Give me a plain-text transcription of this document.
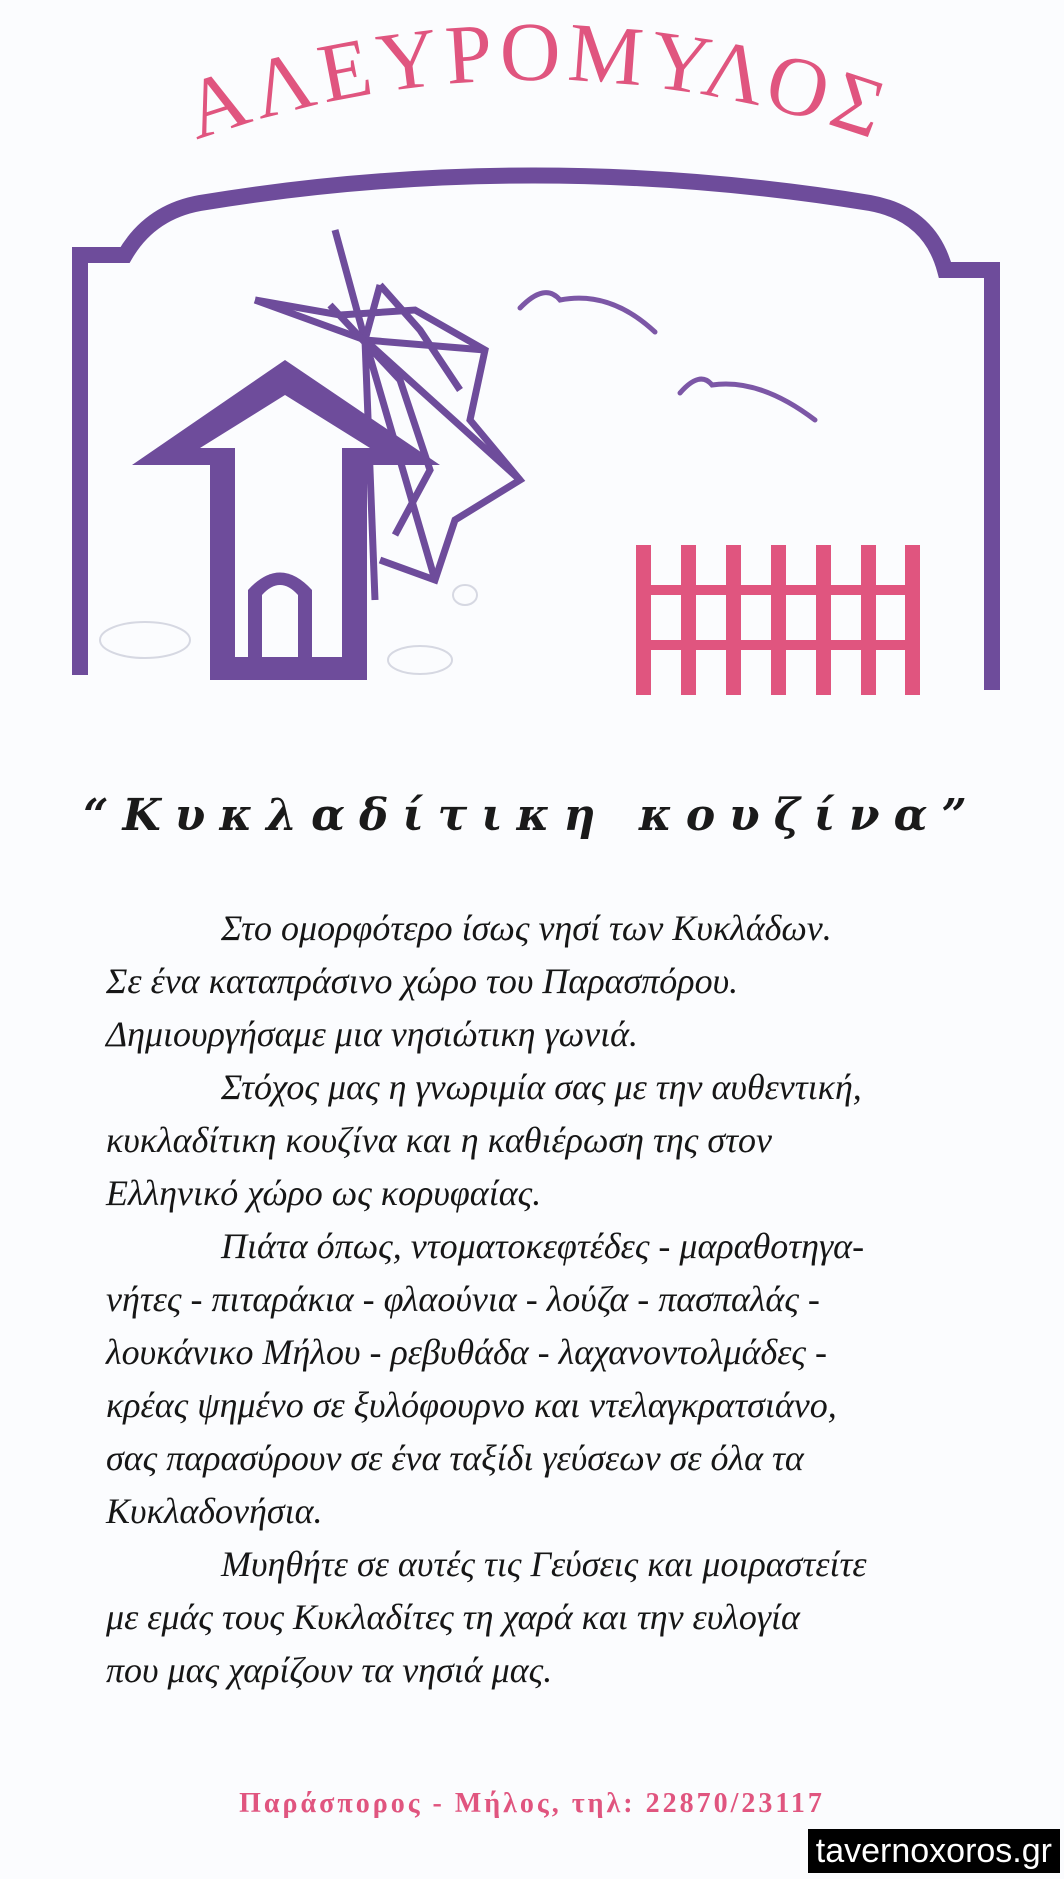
ΑΛΕΥΡΟΜΥΛΟΣ
“Κυκλαδίτικη κουζίνα”

Στο ομορφότερο ίσως νησί των Κυκλάδων.
Σε ένα καταπράσινο χώρο του Παρασπόρου.
Δημιουργήσαμε μια νησιώτικη γωνιά.

Στόχος μας η γνωριμία σας με την αυθεντική,
κυκλαδίτικη κουζίνα και η καθιέρωση της στον
Ελληνικό χώρο ως κορυφαίας.

Πιάτα όπως, ντοματοκεφτέδες - μαραθοτηγα-
νήτες - πιταράκια - φλαούνια - λούζα - πασπαλάς -
λουκάνικο Μήλου - ρεβυθάδα - λαχανοντολμάδες -
κρέας ψημένο σε ξυλόφουρνο και ντελαγκρατσιάνο,
σας παρασύρουν σε ένα ταξίδι γεύσεων σε όλα τα
Κυκλαδονήσια.

Μυηθήτε σε αυτές τις Γεύσεις και μοιραστείτε
με εμάς τους Κυκλαδίτες τη χαρά και την ευλογία
που μας χαρίζουν τα νησιά μας.

Παράσπορος - Μήλος, τηλ: 22870/23117
tavernoxoros.gr
